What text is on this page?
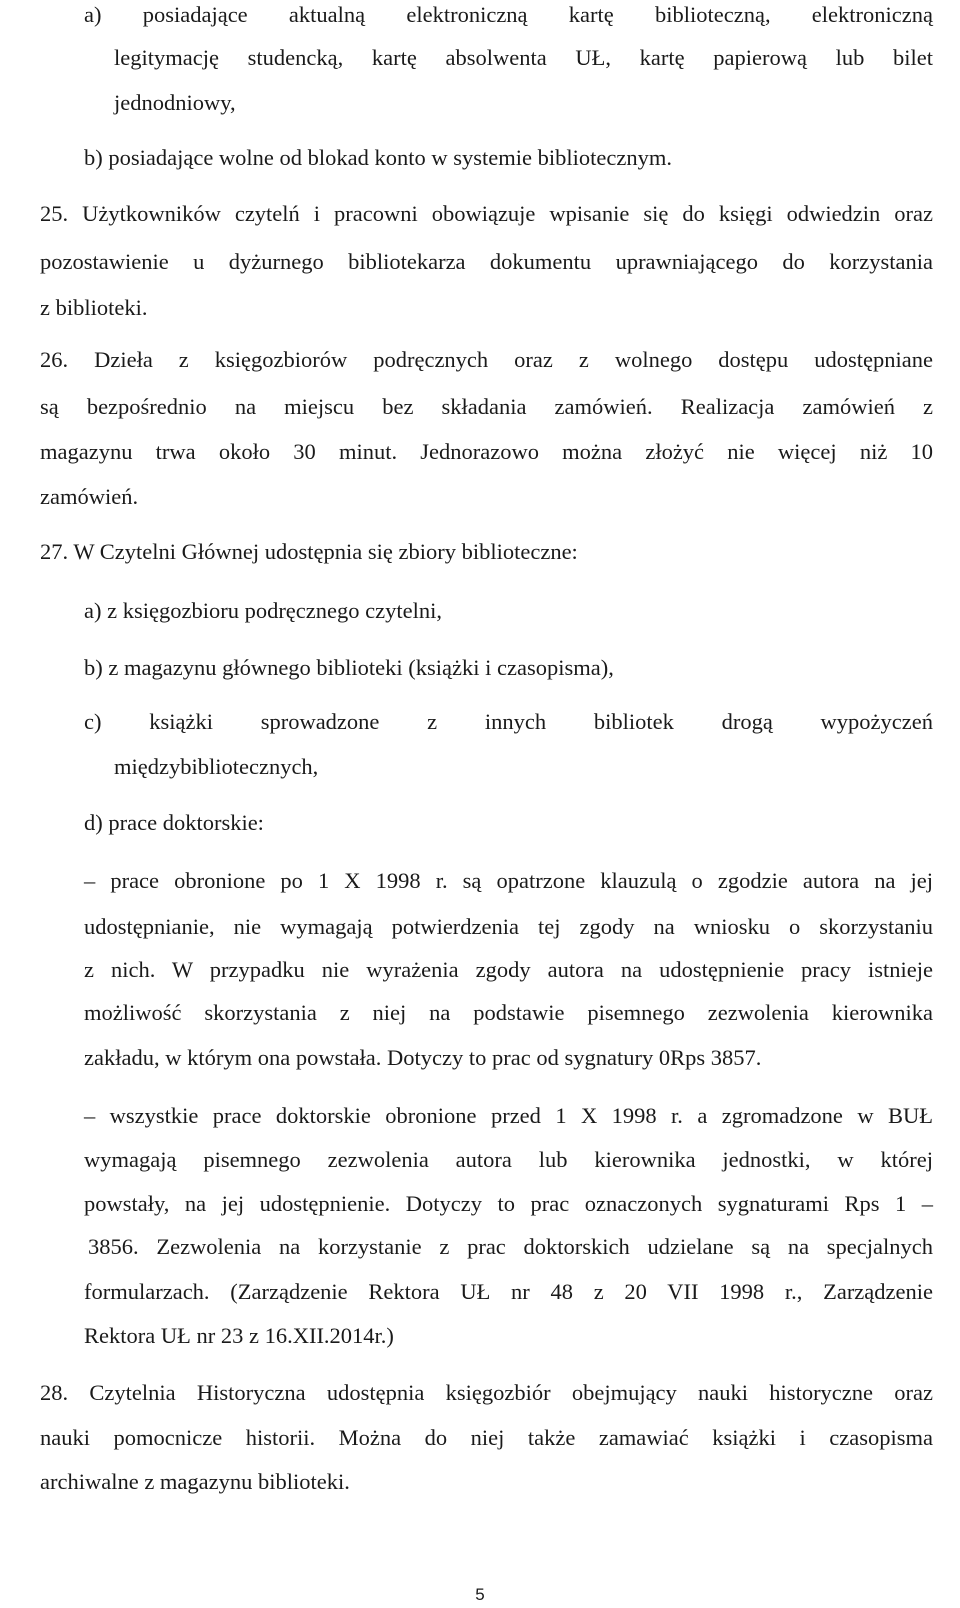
a) posiadające aktualną elektroniczną kartę biblioteczną, elektroniczną
legitymację studencką, kartę absolwenta UŁ, kartę papierową lub bilet
jednodniowy,
b) posiadające wolne od blokad konto w systemie bibliotecznym.
25. Użytkowników czytelń i pracowni obowiązuje wpisanie się do księgi odwiedzin oraz
pozostawienie u dyżurnego bibliotekarza dokumentu uprawniającego do korzystania
z biblioteki.
26. Dzieła z księgozbiorów podręcznych oraz z wolnego dostępu udostępniane
są bezpośrednio na miejscu bez składania zamówień. Realizacja zamówień z
magazynu trwa około 30 minut. Jednorazowo można złożyć nie więcej niż 10
zamówień.
27. W Czytelni Głównej udostępnia się zbiory biblioteczne:
a) z księgozbioru podręcznego czytelni,
b) z magazynu głównego biblioteki (książki i czasopisma),
c) książki sprowadzone z innych bibliotek drogą wypożyczeń
międzybibliotecznych,
d) prace doktorskie:
– prace obronione po 1 X 1998 r. są opatrzone klauzulą o zgodzie autora na jej
udostępnianie, nie wymagają potwierdzenia tej zgody na wniosku o skorzystaniu
z nich. W przypadku nie wyrażenia zgody autora na udostępnienie pracy istnieje
możliwość skorzystania z niej na podstawie pisemnego zezwolenia kierownika
zakładu, w którym ona powstała. Dotyczy to prac od sygnatury 0Rps 3857.
– wszystkie prace doktorskie obronione przed 1 X 1998 r. a zgromadzone w BUŁ
wymagają pisemnego zezwolenia autora lub kierownika jednostki, w której
powstały, na jej udostępnienie. Dotyczy to prac oznaczonych sygnaturami Rps 1 –
3856. Zezwolenia na korzystanie z prac doktorskich udzielane są na specjalnych
formularzach. (Zarządzenie Rektora UŁ nr 48 z 20 VII 1998 r., Zarządzenie
Rektora UŁ nr 23 z 16.XII.2014r.)
28. Czytelnia Historyczna udostępnia księgozbiór obejmujący nauki historyczne oraz
nauki pomocnicze historii. Można do niej także zamawiać książki i czasopisma
archiwalne z magazynu biblioteki.
5
